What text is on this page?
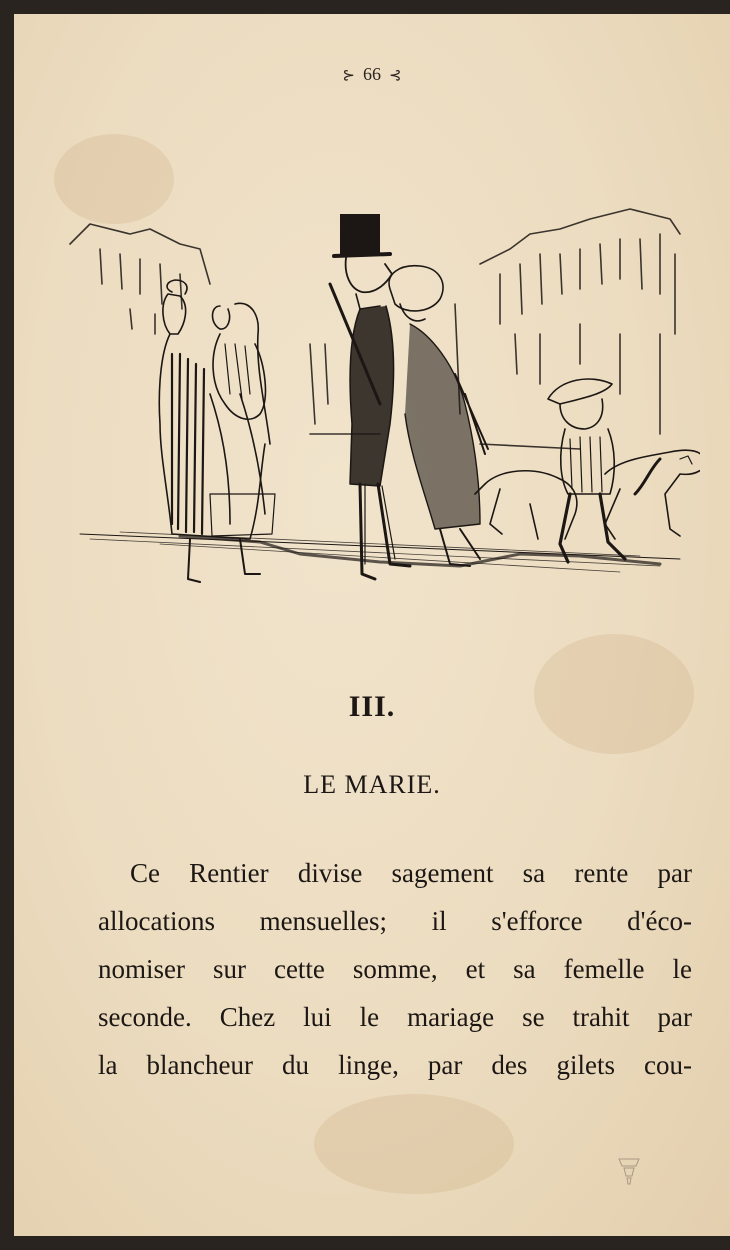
⊱ 66 ⊰
III.
LE MARIE.
Ce Rentier divise sagement sa rente par
allocations mensuelles; il s'efforce d'éco-
nomiser sur cette somme, et sa femelle le
seconde. Chez lui le mariage se trahit par
la blancheur du linge, par des gilets cou-
